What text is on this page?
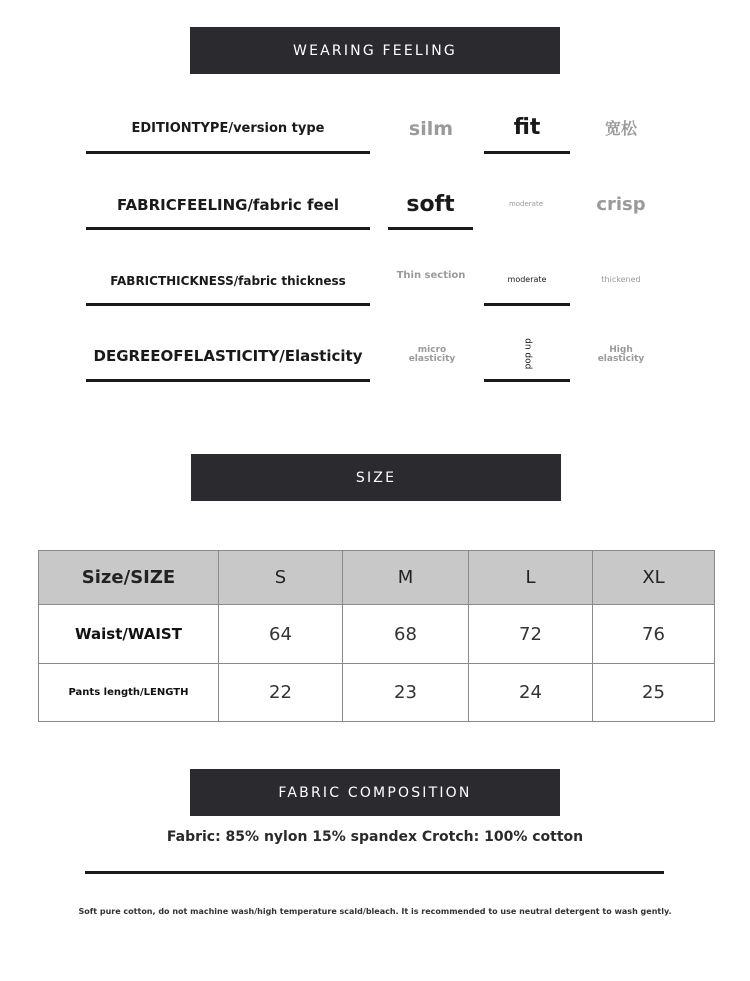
WEARING FEELING
EDITIONTYPE/version type	silm	fit	宽松
FABRICFEELING/fabric feel	soft	moderate	crisp
FABRICTHICKNESS/fabric thickness	Thin section	moderate	thickened
DEGREEOFELASTICITY/Elasticity	micro elasticity	dn dod	High elasticity
SIZE
Size/SIZE	S	M	L	XL
Waist/WAIST	64	68	72	76
Pants length/LENGTH	22	23	24	25
FABRIC COMPOSITION
Fabric: 85% nylon 15% spandex Crotch: 100% cotton
Soft pure cotton, do not machine wash/high temperature scald/bleach. It is recommended to use neutral detergent to wash gently.
